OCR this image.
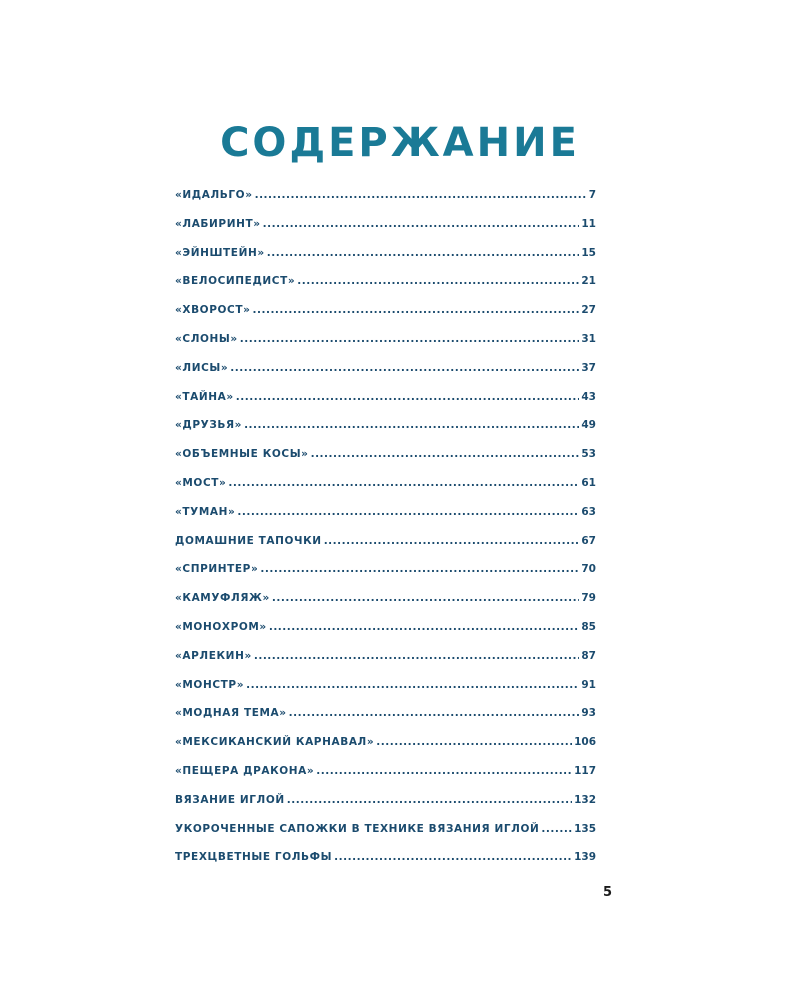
СОДЕРЖАНИЕ
«ИДАЛЬГО» .....	7
«ЛАБИРИНТ» .....	11
«ЭЙНШТЕЙН» .....	15
«ВЕЛОСИПЕДИСТ» .....	21
«ХВОРОСТ» .....	27
«СЛОНЫ» .....	31
«ЛИСЫ» .....	37
«ТАЙНА» .....	43
«ДРУЗЬЯ» .....	49
«ОБЪЕМНЫЕ КОСЫ» .....	53
«МОСТ» .....	61
«ТУМАН» .....	63
ДОМАШНИЕ ТАПОЧКИ .....	67
«СПРИНТЕР» .....	70
«КАМУФЛЯЖ» .....	79
«МОНОХРОМ» .....	85
«АРЛЕКИН» .....	87
«МОНСТР» .....	91
«МОДНАЯ ТЕМА» .....	93
«МЕКСИКАНСКИЙ КАРНАВАЛ» .....	106
«ПЕЩЕРА ДРАКОНА» .....	117
ВЯЗАНИЕ ИГЛОЙ .....	132
УКОРОЧЕННЫЕ САПОЖКИ В ТЕХНИКЕ ВЯЗАНИЯ ИГЛОЙ .....	135
ТРЕХЦВЕТНЫЕ ГОЛЬФЫ .....	139
5
